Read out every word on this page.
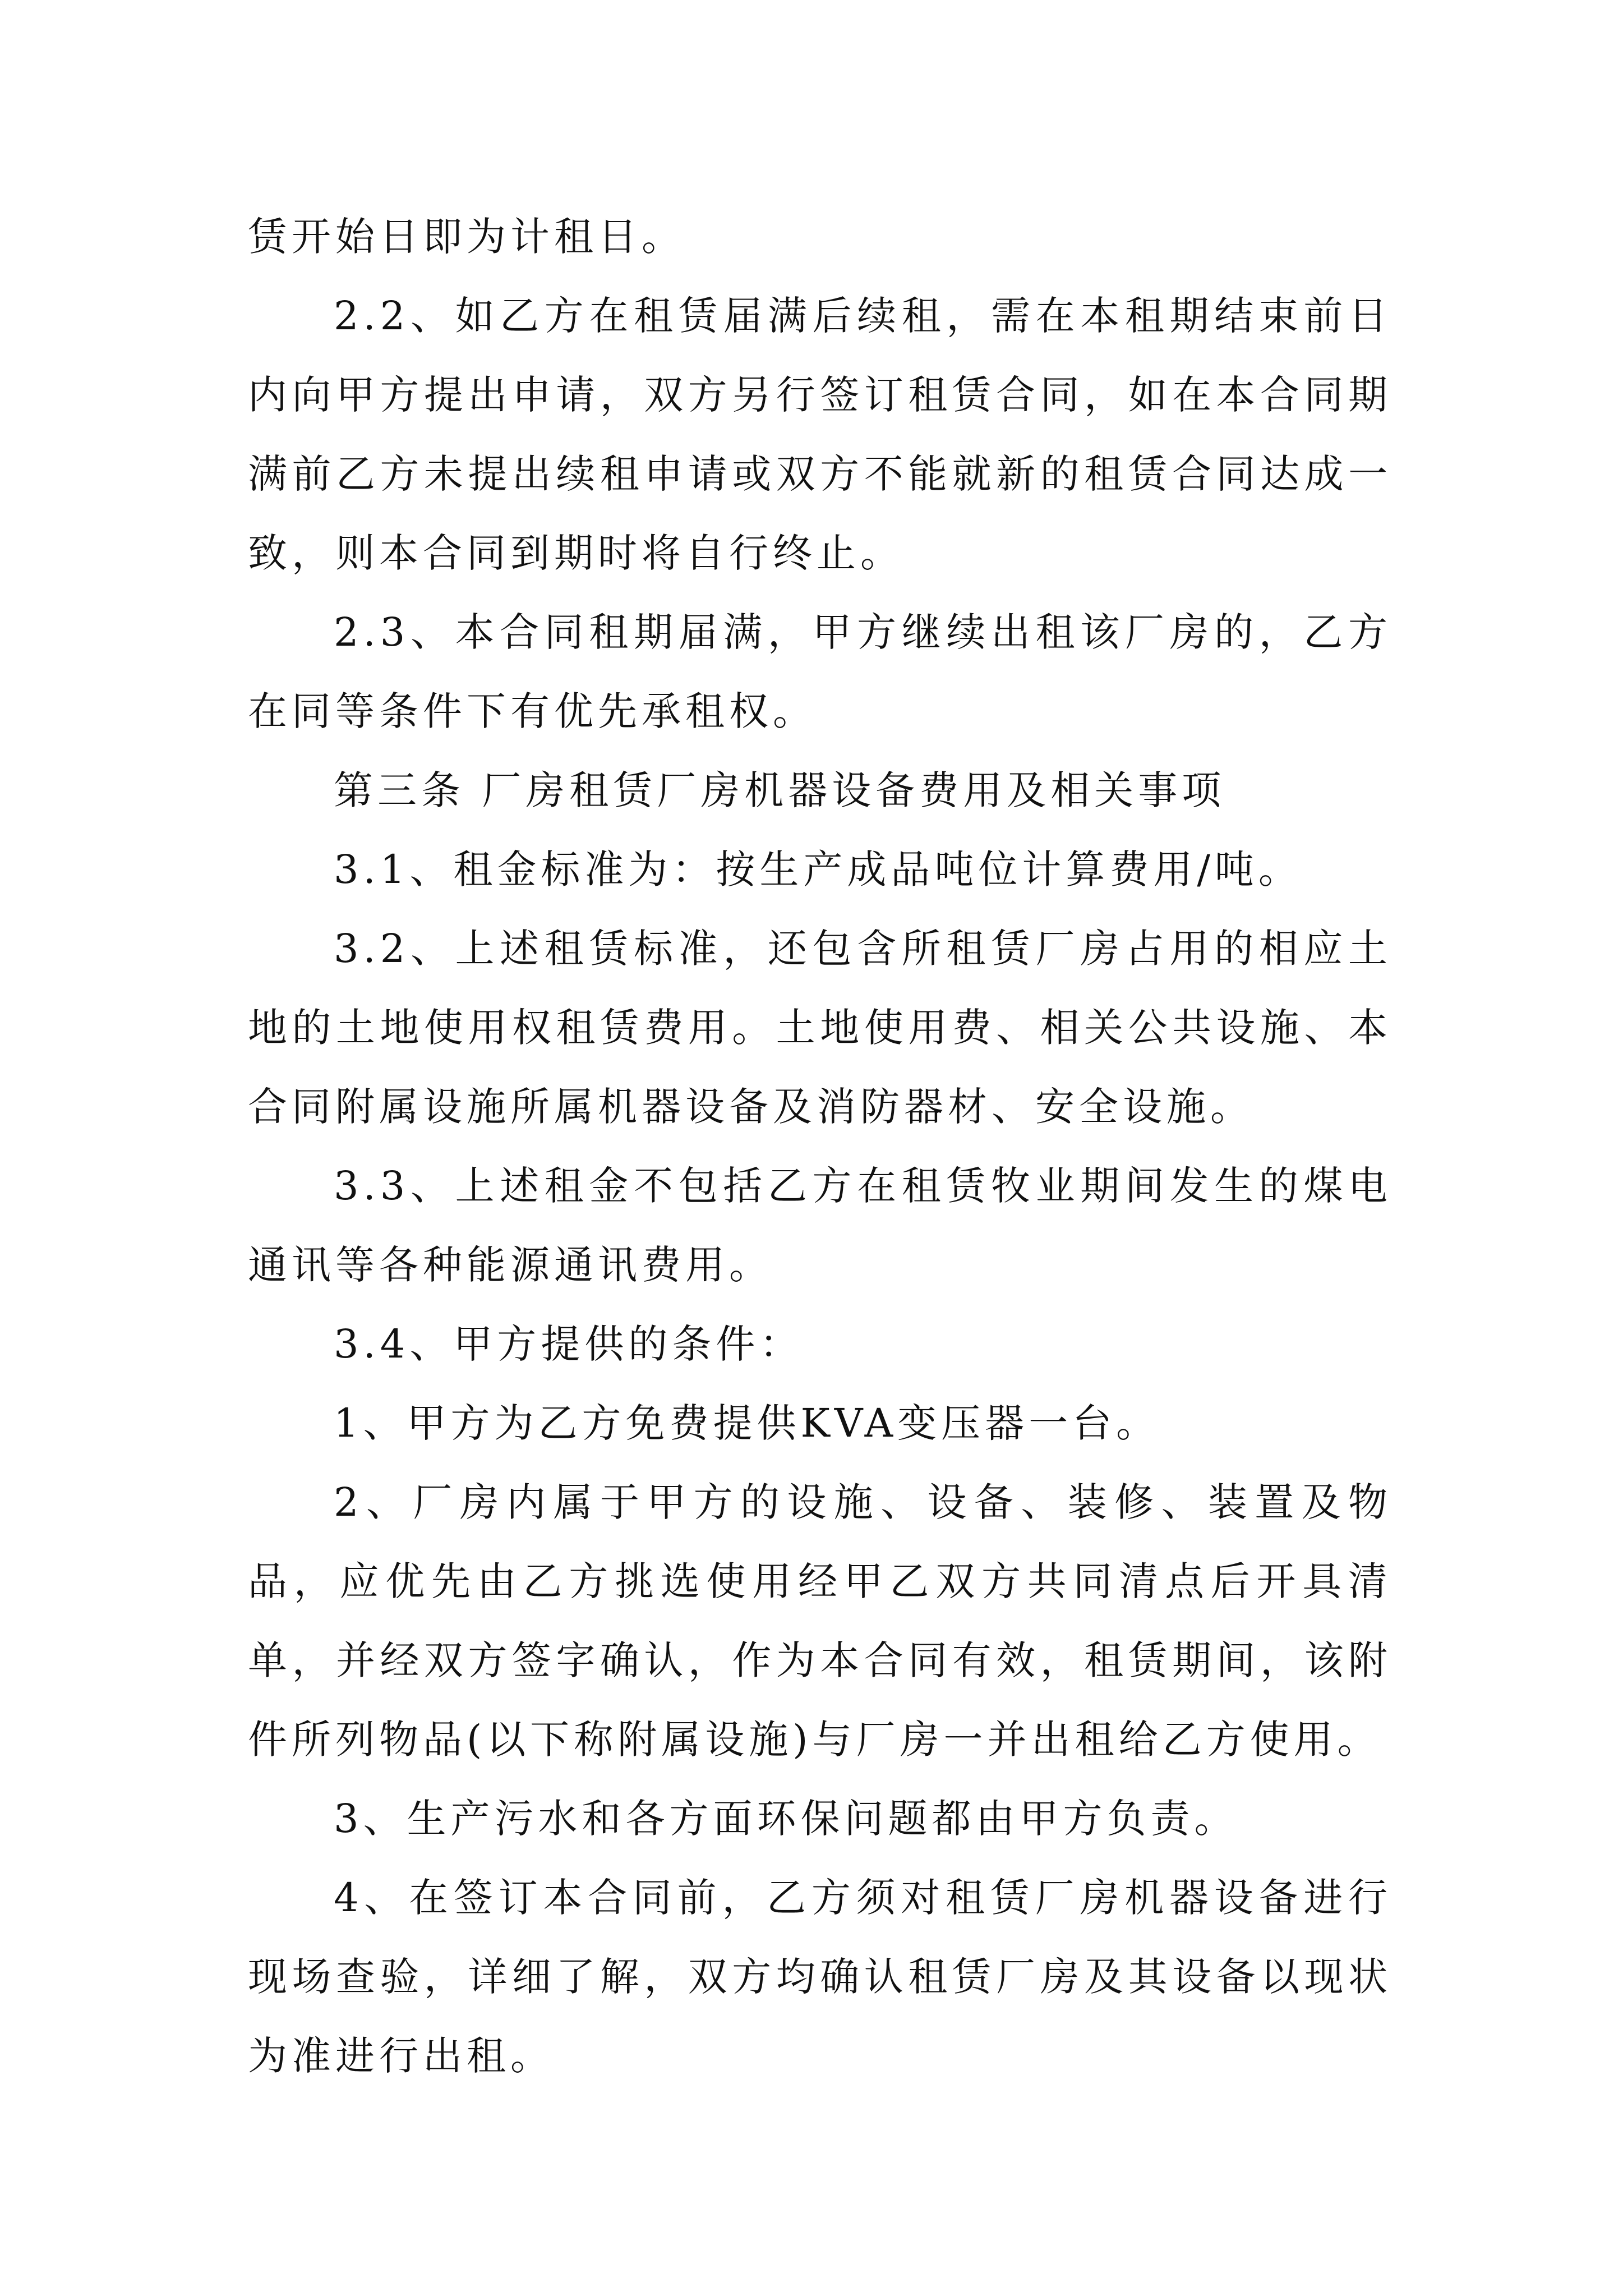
赁开始日即为计租日。

2.2、如乙方在租赁届满后续租，需在本租期结束前日内向甲方提出申请，双方另行签订租赁合同，如在本合同期满前乙方未提出续租申请或双方不能就新的租赁合同达成一致，则本合同到期时将自行终止。

2.3、本合同租期届满，甲方继续出租该厂房的，乙方在同等条件下有优先承租权。

第三条 厂房租赁厂房机器设备费用及相关事项

3.1、租金标准为：按生产成品吨位计算费用/吨。

3.2、上述租赁标准，还包含所租赁厂房占用的相应土地的土地使用权租赁费用。土地使用费、相关公共设施、本合同附属设施所属机器设备及消防器材、安全设施。

3.3、上述租金不包括乙方在租赁牧业期间发生的煤电通讯等各种能源通讯费用。

3.4、甲方提供的条件：

1、甲方为乙方免费提供KVA变压器一台。

2、厂房内属于甲方的设施、设备、装修、装置及物品，应优先由乙方挑选使用经甲乙双方共同清点后开具清单，并经双方签字确认，作为本合同有效，租赁期间，该附件所列物品(以下称附属设施)与厂房一并出租给乙方使用。

3、生产污水和各方面环保问题都由甲方负责。

4、在签订本合同前，乙方须对租赁厂房机器设备进行现场查验，详细了解，双方均确认租赁厂房及其设备以现状为准进行出租。
